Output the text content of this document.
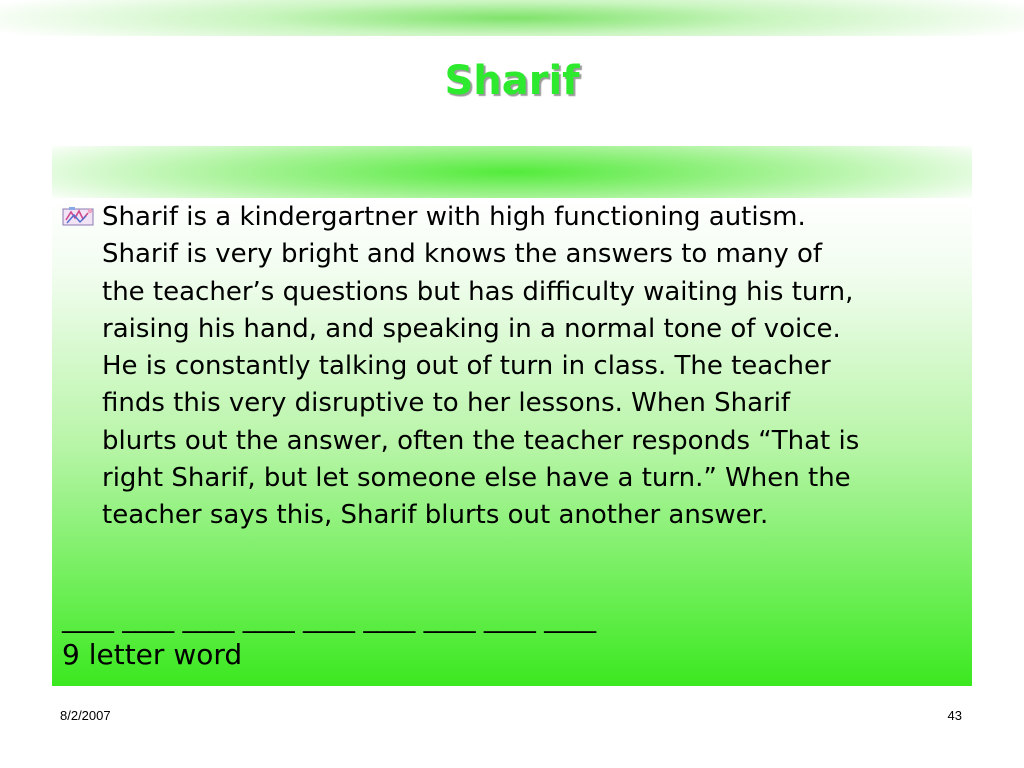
Sharif
Sharif is a kindergartner with high functioning autism.
Sharif is very bright and knows the answers to many of
the teacher’s questions but has difficulty waiting his turn,
raising his hand, and speaking in a normal tone of voice.
He is constantly talking out of turn in class. The teacher
finds this very disruptive to her lessons. When Sharif
blurts out the answer, often the teacher responds “That is
right Sharif, but let someone else have a turn.” When the
teacher says this, Sharif blurts out another answer.
____ ____ ____ ____ ____ ____ ____ ____ ____
9 letter word
8/2/2007	43
